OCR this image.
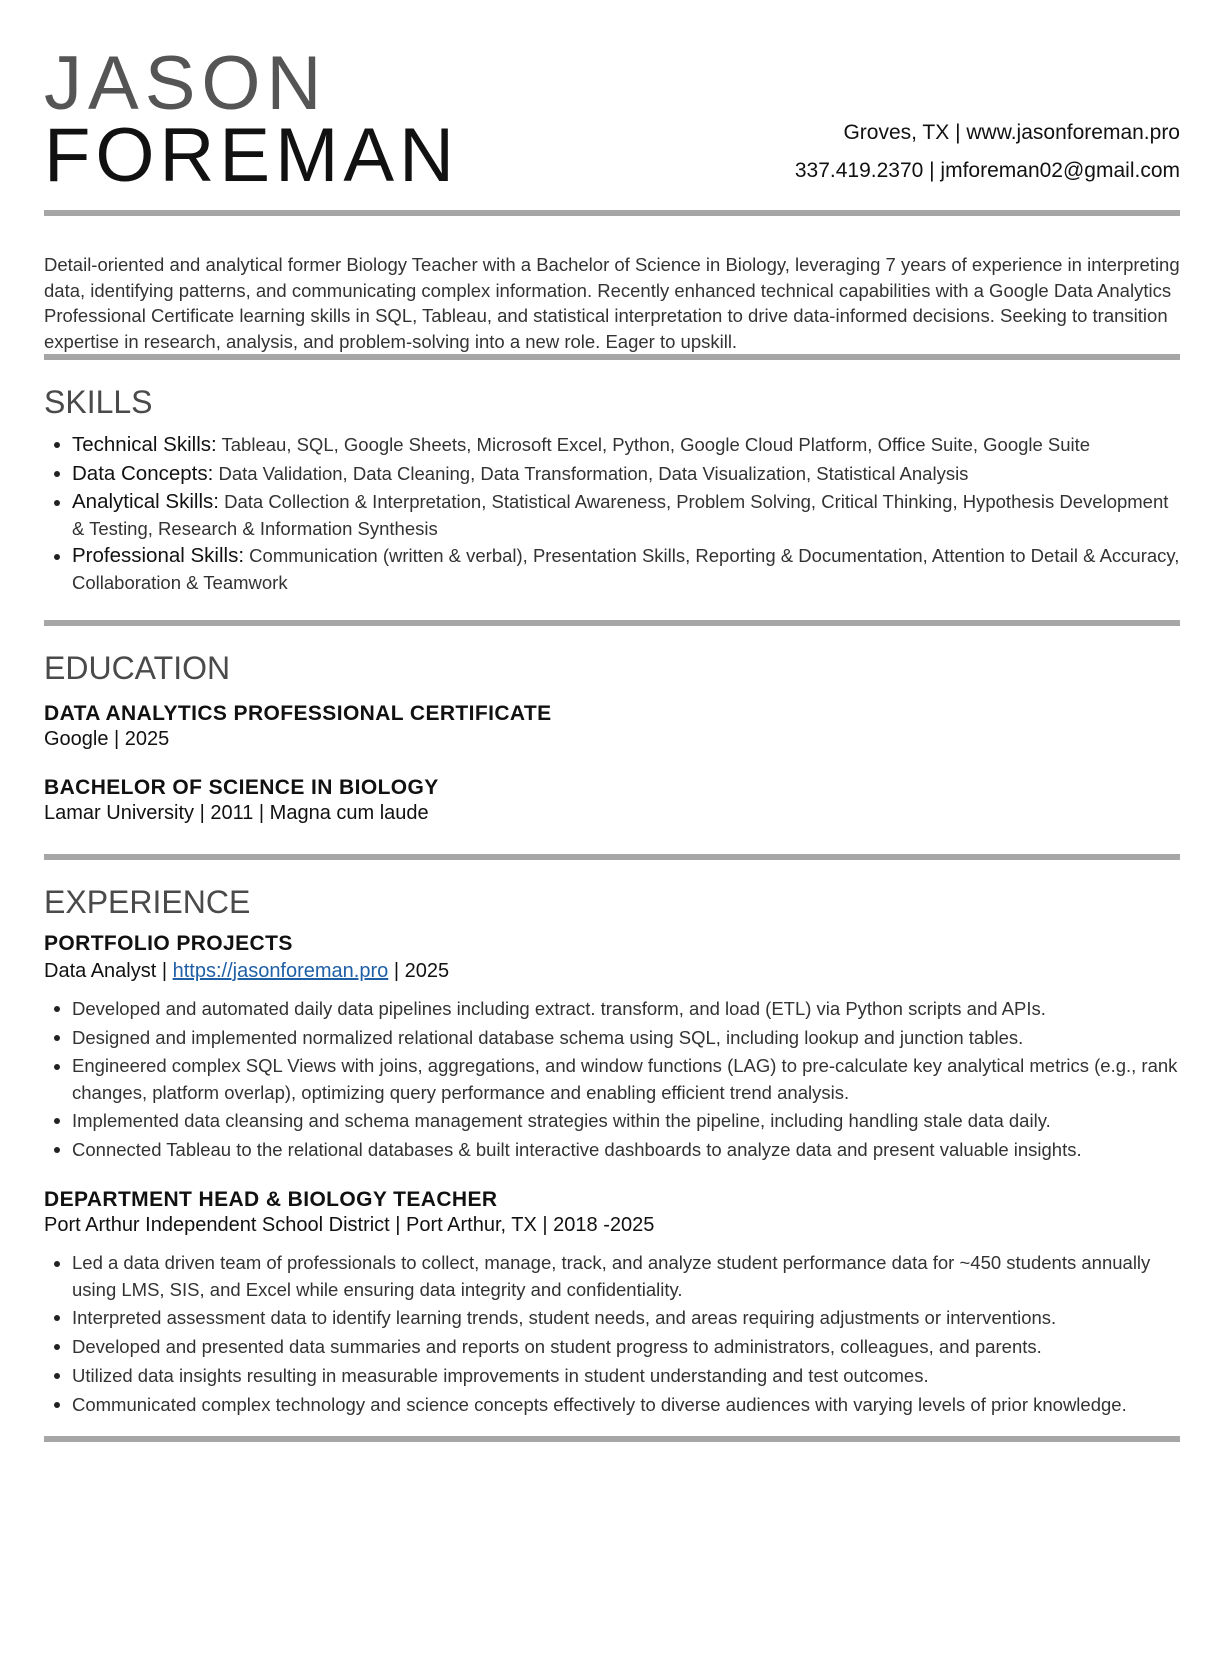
JASON
FOREMAN	Groves, TX | www.jasonforeman.pro
337.419.2370 | jmforeman02@gmail.com

Detail-oriented and analytical former Biology Teacher with a Bachelor of Science in Biology, leveraging 7 years of experience in interpreting data, identifying patterns, and communicating complex information. Recently enhanced technical capabilities with a Google Data Analytics Professional Certificate learning skills in SQL, Tableau, and statistical interpretation to drive data-informed decisions. Seeking to transition expertise in research, analysis, and problem-solving into a new role. Eager to upskill.

SKILLS
Technical Skills: Tableau, SQL, Google Sheets, Microsoft Excel, Python, Google Cloud Platform, Office Suite, Google Suite
Data Concepts: Data Validation, Data Cleaning, Data Transformation, Data Visualization, Statistical Analysis
Analytical Skills: Data Collection & Interpretation, Statistical Awareness, Problem Solving, Critical Thinking, Hypothesis Development & Testing, Research & Information Synthesis
Professional Skills: Communication (written & verbal), Presentation Skills, Reporting & Documentation, Attention to Detail & Accuracy, Collaboration & Teamwork
EDUCATION
DATA ANALYTICS PROFESSIONAL CERTIFICATE
Google | 2025
BACHELOR OF SCIENCE IN BIOLOGY
Lamar University | 2011 | Magna cum laude
EXPERIENCE
PORTFOLIO PROJECTS
Data Analyst | https://jasonforeman.pro | 2025
Developed and automated daily data pipelines including extract. transform, and load (ETL) via Python scripts and APIs.
Designed and implemented normalized relational database schema using SQL, including lookup and junction tables.
Engineered complex SQL Views with joins, aggregations, and window functions (LAG) to pre-calculate key analytical metrics (e.g., rank changes, platform overlap), optimizing query performance and enabling efficient trend analysis.
Implemented data cleansing and schema management strategies within the pipeline, including handling stale data daily.
Connected Tableau to the relational databases & built interactive dashboards to analyze data and present valuable insights.
DEPARTMENT HEAD & BIOLOGY TEACHER
Port Arthur Independent School District | Port Arthur, TX | 2018 -2025
Led a data driven team of professionals to collect, manage, track, and analyze student performance data for ~450 students annually using LMS, SIS, and Excel while ensuring data integrity and confidentiality.
Interpreted assessment data to identify learning trends, student needs, and areas requiring adjustments or interventions.
Developed and presented data summaries and reports on student progress to administrators, colleagues, and parents.
Utilized data insights resulting in measurable improvements in student understanding and test outcomes.
Communicated complex technology and science concepts effectively to diverse audiences with varying levels of prior knowledge.
